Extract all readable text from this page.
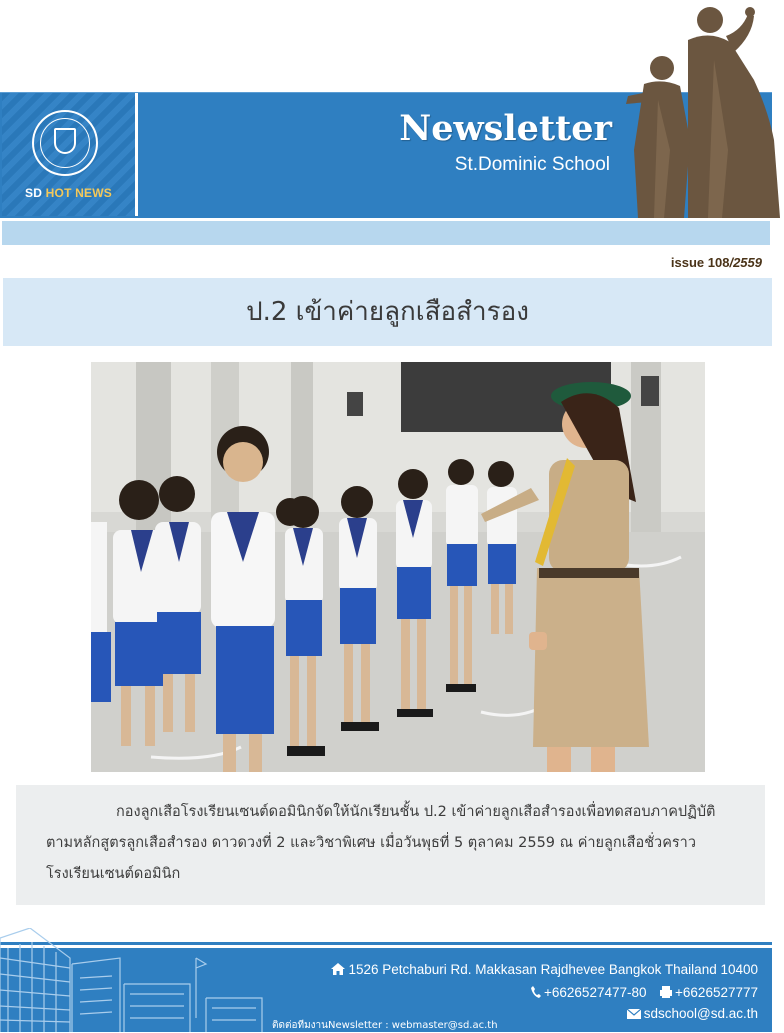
SD HOT NEWS
Newsletter
St.Dominic School
issue 108/2559
ป.2 เข้าค่ายลูกเสือสำรอง
กองลูกเสือโรงเรียนเซนต์ดอมินิกจัดให้นักเรียนชั้น ป.2 เข้าค่ายลูกเสือสำรองเพื่อทดสอบภาคปฏิบัติ
ตามหลักสูตรลูกเสือสำรอง ดาวดวงที่ 2 และวิชาพิเศษ เมื่อวันพุธที่ 5 ตุลาคม 2559 ณ ค่ายลูกเสือชั่วคราว
โรงเรียนเซนต์ดอมินิก
1526 Petchaburi Rd. Makkasan Rajdhevee Bangkok Thailand 10400
+6626527477-80 +6626527777
sdschool@sd.ac.th
ติดต่อทีมงานNewsletter : webmaster@sd.ac.th
